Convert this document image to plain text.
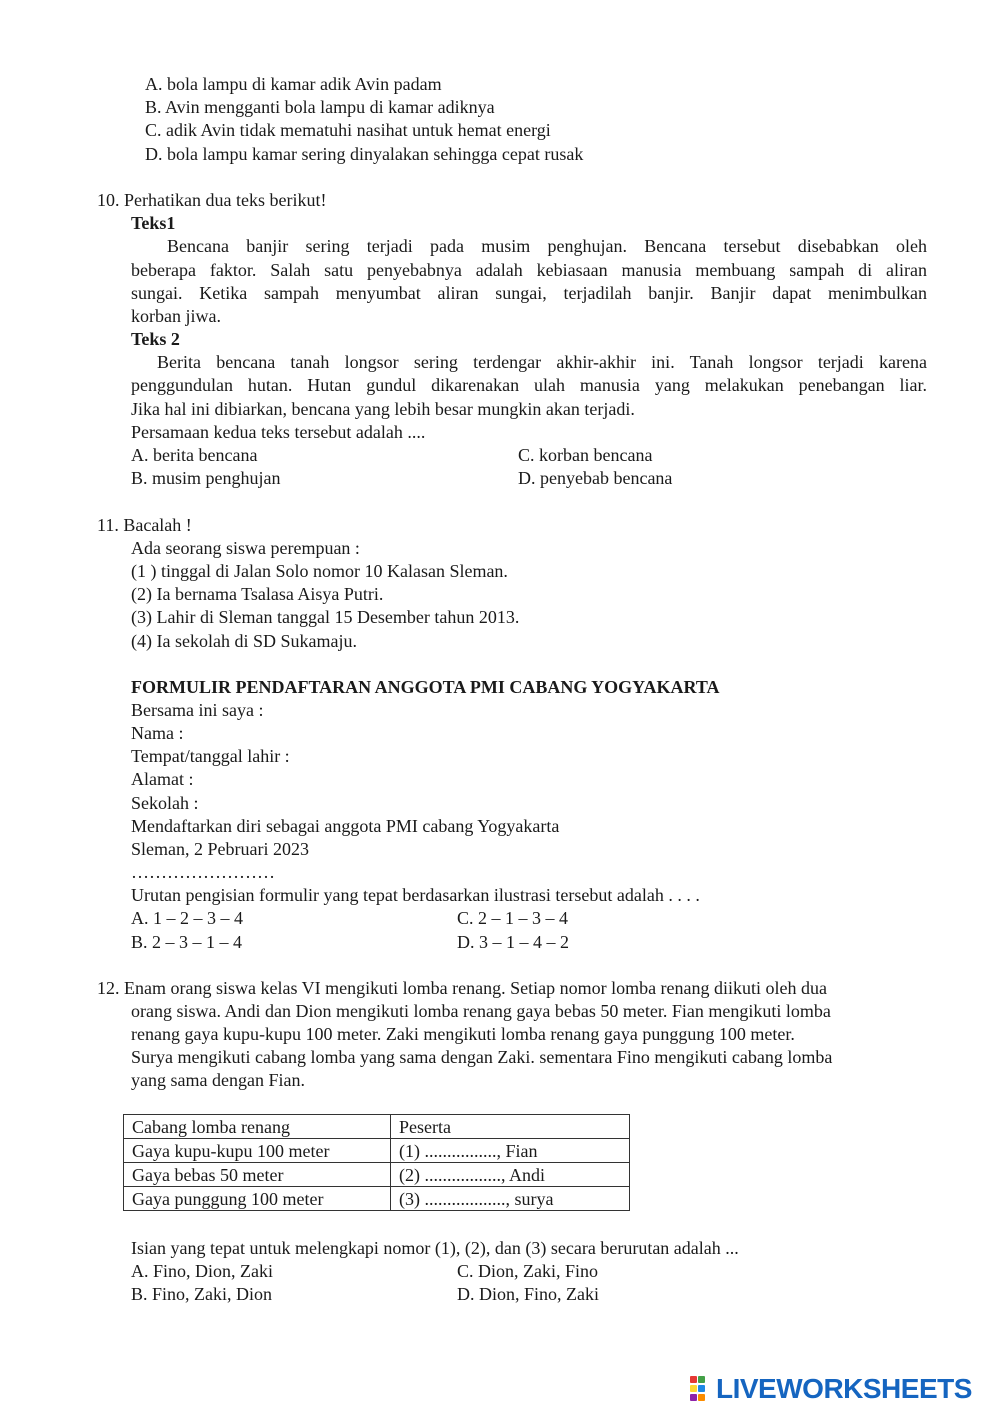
A. bola lampu di kamar adik Avin padam
B. Avin mengganti bola lampu di kamar adiknya
C. adik Avin tidak mematuhi nasihat untuk hemat energi
D. bola lampu kamar sering dinyalakan sehingga cepat rusak
10. Perhatikan dua teks berikut!
Teks1
Bencana banjir sering terjadi pada musim penghujan. Bencana tersebut disebabkan oleh
beberapa faktor. Salah satu penyebabnya adalah kebiasaan manusia membuang sampah di aliran
sungai. Ketika sampah menyumbat aliran sungai, terjadilah banjir. Banjir dapat menimbulkan
korban jiwa.
Teks 2
Berita bencana tanah longsor sering terdengar akhir-akhir ini. Tanah longsor terjadi karena
penggundulan hutan. Hutan gundul dikarenakan ulah manusia yang melakukan penebangan liar.
Jika hal ini dibiarkan, bencana yang lebih besar mungkin akan terjadi.
Persamaan kedua teks tersebut adalah ....
A. berita bencana
B. musim penghujan
C. korban bencana
D. penyebab bencana
11. Bacalah !
Ada seorang siswa perempuan :
(1 ) tinggal di Jalan Solo nomor 10 Kalasan Sleman.
(2) Ia bernama Tsalasa Aisya Putri.
(3) Lahir di Sleman tanggal 15 Desember tahun 2013.
(4) Ia sekolah di SD Sukamaju.
FORMULIR PENDAFTARAN ANGGOTA PMI CABANG YOGYAKARTA
Bersama ini saya :
Nama :
Tempat/tanggal lahir :
Alamat :
Sekolah :
Mendaftarkan diri sebagai anggota PMI cabang Yogyakarta
Sleman, 2 Pebruari 2023
……………………
Urutan pengisian formulir yang tepat berdasarkan ilustrasi tersebut adalah . . . .
A. 1 – 2 – 3 – 4
B. 2 – 3 – 1 – 4
C. 2 – 1 – 3 – 4
D. 3 – 1 – 4 – 2
12. Enam orang siswa kelas VI mengikuti lomba renang. Setiap nomor lomba renang diikuti oleh dua
orang siswa. Andi dan Dion mengikuti lomba renang gaya bebas 50 meter. Fian mengikuti lomba
renang gaya kupu-kupu 100 meter. Zaki mengikuti lomba renang gaya punggung 100 meter.
Surya mengikuti cabang lomba yang sama dengan Zaki. sementara Fino mengikuti cabang lomba
yang sama dengan Fian.
Cabang lomba renang	Peserta
Gaya kupu-kupu 100 meter	(1) ................, Fian
Gaya bebas 50 meter	(2) ................., Andi
Gaya punggung 100 meter	(3) .................., surya
Isian yang tepat untuk melengkapi nomor (1), (2), dan (3) secara berurutan adalah ...
A. Fino, Dion, Zaki
B. Fino, Zaki, Dion
C. Dion, Zaki, Fino
D. Dion, Fino, Zaki
LIVEWORKSHEETS
